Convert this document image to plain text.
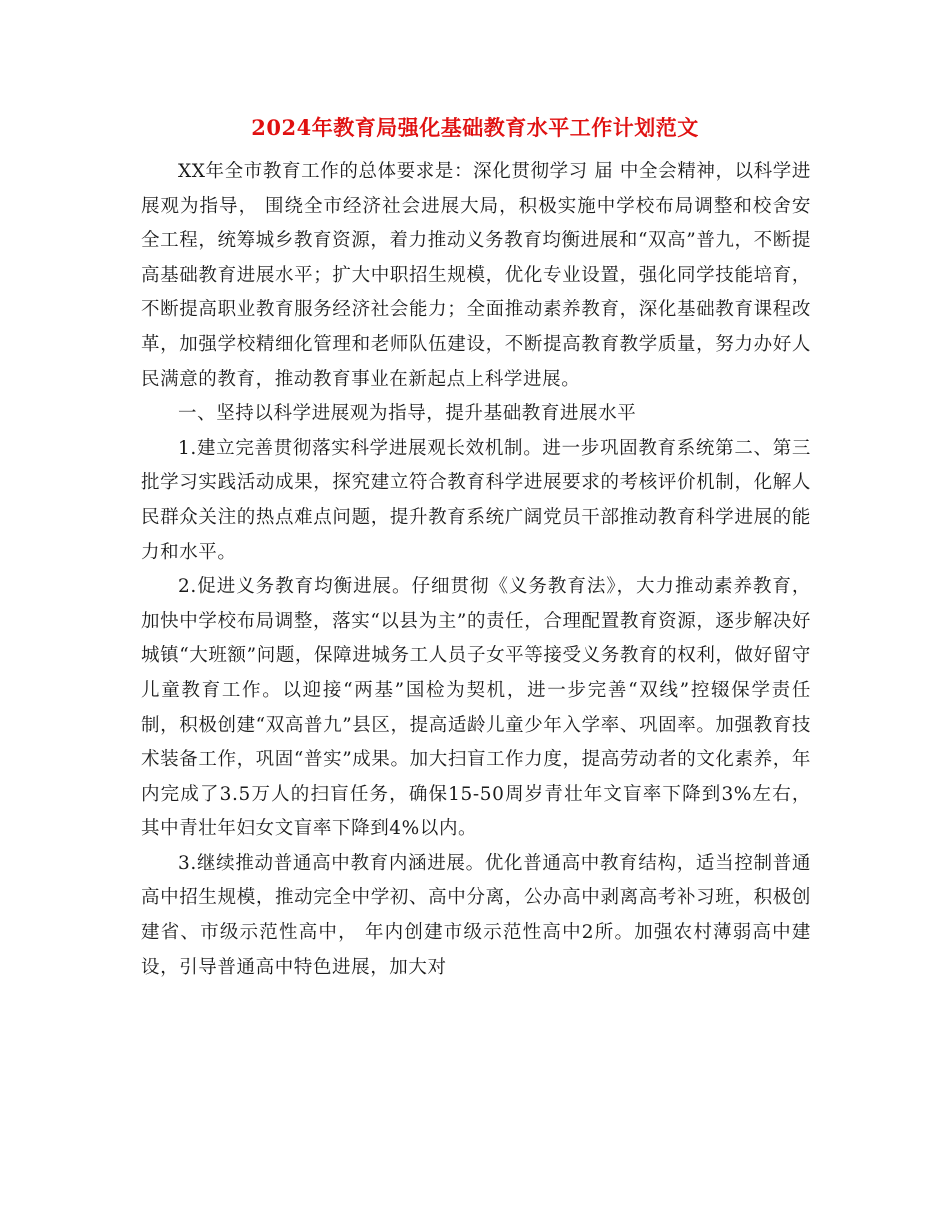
2024年教育局强化基础教育水平工作计划范文

XX年全市教育工作的总体要求是：深化贯彻学习 届 中全会精神，以科学进展观为指导， 围绕全市经济社会进展大局，积极实施中学校布局调整和校舍安全工程，统筹城乡教育资源，着力推动义务教育均衡进展和“双高”普九，不断提高基础教育进展水平；扩大中职招生规模，优化专业设置，强化同学技能培育，不断提高职业教育服务经济社会能力；全面推动素养教育，深化基础教育课程改革，加强学校精细化管理和老师队伍建设，不断提高教育教学质量，努力办好人民满意的教育，推动教育事业在新起点上科学进展。

一、坚持以科学进展观为指导，提升基础教育进展水平

1.建立完善贯彻落实科学进展观长效机制。进一步巩固教育系统第二、第三批学习实践活动成果，探究建立符合教育科学进展要求的考核评价机制，化解人民群众关注的热点难点问题，提升教育系统广阔党员干部推动教育科学进展的能力和水平。

2.促进义务教育均衡进展。仔细贯彻《义务教育法》，大力推动素养教育，加快中学校布局调整，落实“以县为主”的责任，合理配置教育资源，逐步解决好城镇“大班额”问题，保障进城务工人员子女平等接受义务教育的权利，做好留守儿童教育工作。以迎接“两基”国检为契机，进一步完善“双线”控辍保学责任制，积极创建“双高普九”县区，提高适龄儿童少年入学率、巩固率。加强教育技术装备工作，巩固“普实”成果。加大扫盲工作力度，提高劳动者的文化素养，年内完成了3.5万人的扫盲任务，确保15-50周岁青壮年文盲率下降到3%左右，其中青壮年妇女文盲率下降到4%以内。

3.继续推动普通高中教育内涵进展。优化普通高中教育结构，适当控制普通高中招生规模，推动完全中学初、高中分离，公办高中剥离高考补习班，积极创建省、市级示范性高中， 年内创建市级示范性高中2所。加强农村薄弱高中建设，引导普通高中特色进展，加大对
